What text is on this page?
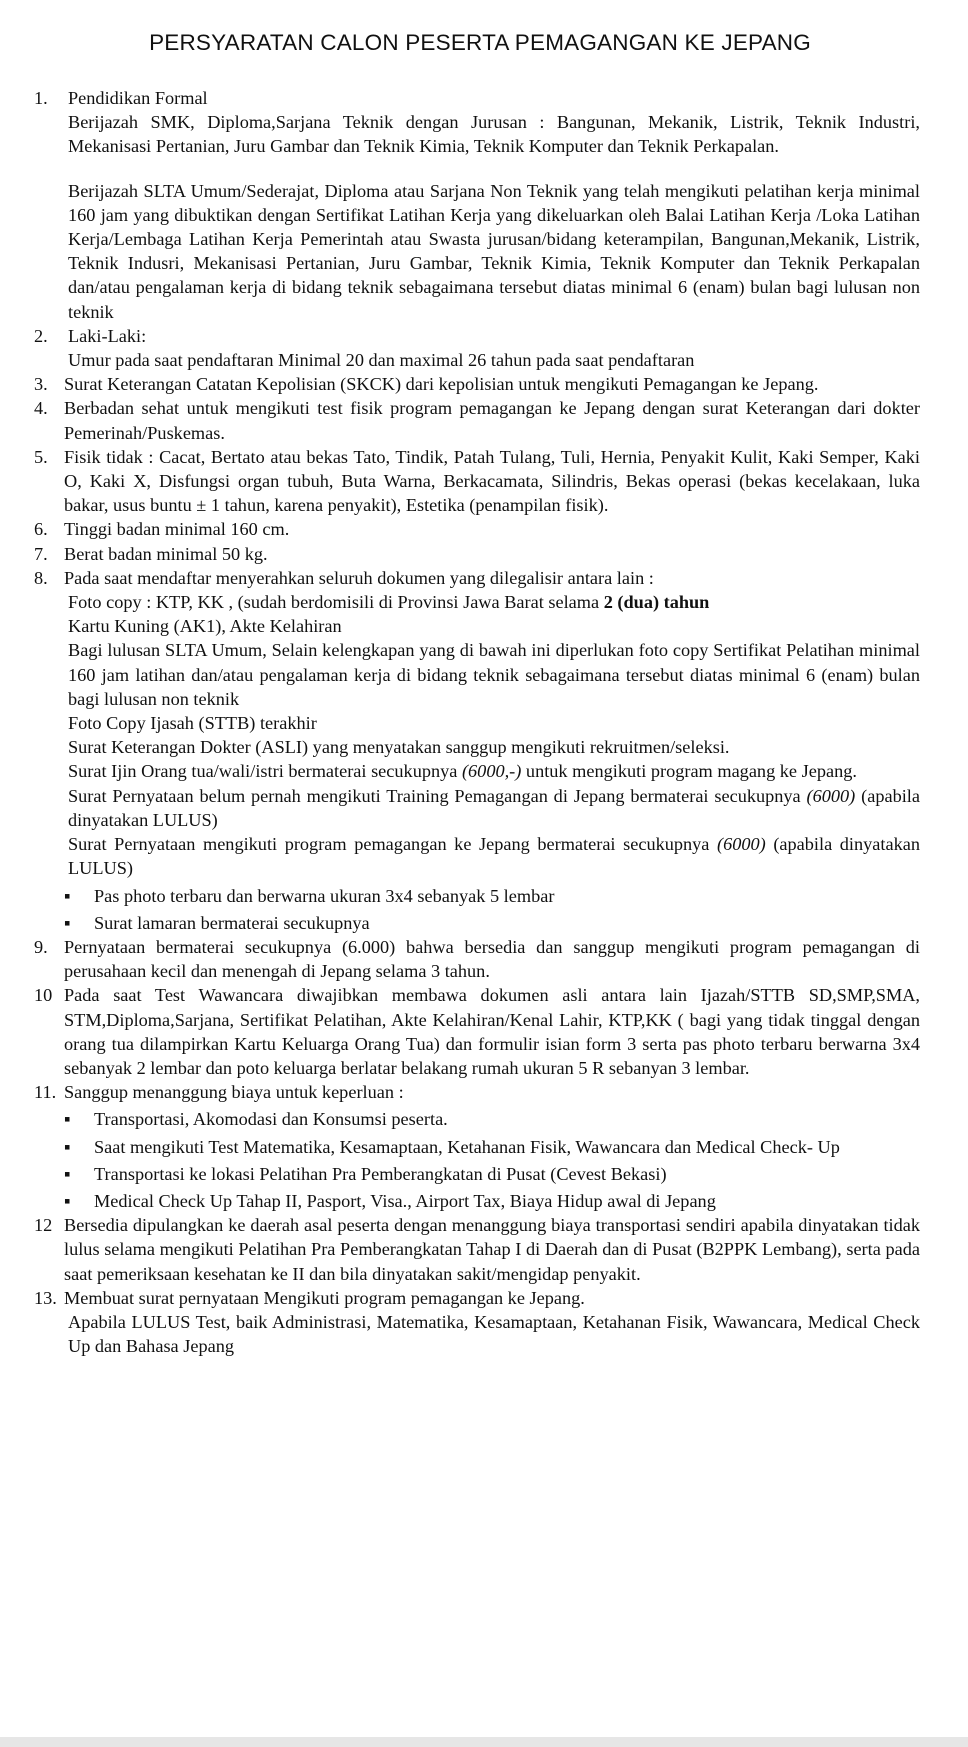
PERSYARATAN CALON PESERTA PEMAGANGAN KE JEPANG
1.	Pendidikan Formal

Berijazah SMK, Diploma,Sarjana Teknik dengan Jurusan : Bangunan, Mekanik, Listrik, Teknik Industri, Mekanisasi Pertanian, Juru Gambar dan Teknik Kimia, Teknik Komputer dan Teknik Perkapalan.

Berijazah SLTA Umum/Sederajat, Diploma atau Sarjana Non Teknik yang telah mengikuti pelatihan kerja minimal 160 jam yang dibuktikan dengan Sertifikat Latihan Kerja yang dikeluarkan oleh Balai Latihan Kerja /Loka Latihan Kerja/Lembaga Latihan Kerja Pemerintah atau Swasta jurusan/bidang keterampilan, Bangunan,Mekanik, Listrik, Teknik Indusri, Mekanisasi Pertanian, Juru Gambar, Teknik Kimia, Teknik Komputer dan Teknik Perkapalan dan/atau pengalaman kerja di bidang teknik sebagaimana tersebut diatas minimal 6 (enam) bulan bagi lulusan non teknik

2.	Laki-Laki:

Umur pada saat pendaftaran Minimal 20 dan maximal 26 tahun pada saat pendaftaran

3. Surat Keterangan Catatan Kepolisian (SKCK) dari kepolisian untuk mengikuti Pemagangan ke Jepang.

4. Berbadan sehat untuk mengikuti test fisik program pemagangan ke Jepang dengan surat Keterangan dari dokter Pemerinah/Puskemas.

5. Fisik tidak : Cacat, Bertato atau bekas Tato, Tindik, Patah Tulang, Tuli, Hernia, Penyakit Kulit, Kaki Semper, Kaki O, Kaki X, Disfungsi organ tubuh, Buta Warna, Berkacamata, Silindris, Bekas operasi (bekas kecelakaan, luka bakar, usus buntu ± 1 tahun, karena penyakit), Estetika (penampilan fisik).

6. Tinggi badan minimal 160 cm.

7. Berat badan minimal 50 kg.

8. Pada saat mendaftar menyerahkan seluruh dokumen yang dilegalisir antara lain :

Foto copy : KTP, KK , (sudah berdomisili di Provinsi Jawa Barat selama 2 (dua) tahun

Kartu Kuning (AK1), Akte Kelahiran

Bagi lulusan SLTA Umum, Selain kelengkapan yang di bawah ini diperlukan foto copy Sertifikat Pelatihan minimal 160 jam latihan dan/atau pengalaman kerja di bidang teknik sebagaimana tersebut diatas minimal 6 (enam) bulan bagi lulusan non teknik

Foto Copy Ijasah (STTB) terakhir

Surat Keterangan Dokter (ASLI) yang menyatakan sanggup mengikuti rekruitmen/seleksi.

Surat Ijin Orang tua/wali/istri bermaterai secukupnya (6000,-) untuk mengikuti program magang ke Jepang.

Surat Pernyataan belum pernah mengikuti Training Pemagangan di Jepang bermaterai secukupnya (6000) (apabila dinyatakan LULUS)

Surat Pernyataan mengikuti program pemagangan ke Jepang bermaterai secukupnya (6000) (apabila dinyatakan LULUS)

▪	Pas photo terbaru dan berwarna ukuran 3x4 sebanyak 5 lembar
▪	Surat lamaran bermaterai secukupnya
9. Pernyataan bermaterai secukupnya (6.000) bahwa bersedia dan sanggup mengikuti program pemagangan di perusahaan kecil dan menengah di Jepang selama 3 tahun.

10 Pada saat Test Wawancara diwajibkan membawa dokumen asli antara lain Ijazah/STTB SD,SMP,SMA, STM,Diploma,Sarjana, Sertifikat Pelatihan, Akte Kelahiran/Kenal Lahir, KTP,KK ( bagi yang tidak tinggal dengan orang tua dilampirkan Kartu Keluarga Orang Tua) dan formulir isian form 3 serta pas photo terbaru berwarna 3x4 sebanyak 2 lembar dan poto keluarga berlatar belakang rumah ukuran 5 R sebanyan 3 lembar.

11. Sanggup menanggung biaya untuk keperluan :

▪	Transportasi, Akomodasi dan Konsumsi peserta.
▪	Saat mengikuti Test Matematika, Kesamaptaan, Ketahanan Fisik, Wawancara dan Medical Check- Up
▪	Transportasi ke lokasi Pelatihan Pra Pemberangkatan di Pusat (Cevest Bekasi)
▪	Medical Check Up Tahap II, Pasport, Visa., Airport Tax, Biaya Hidup awal di Jepang
12 Bersedia dipulangkan ke daerah asal peserta dengan menanggung biaya transportasi sendiri apabila dinyatakan tidak lulus selama mengikuti Pelatihan Pra Pemberangkatan Tahap I di Daerah dan di Pusat (B2PPK Lembang), serta pada saat pemeriksaan kesehatan ke II dan bila dinyatakan sakit/mengidap penyakit.

13. Membuat surat pernyataan Mengikuti program pemagangan ke Jepang.

Apabila LULUS Test, baik Administrasi, Matematika, Kesamaptaan, Ketahanan Fisik, Wawancara, Medical Check Up dan Bahasa Jepang
